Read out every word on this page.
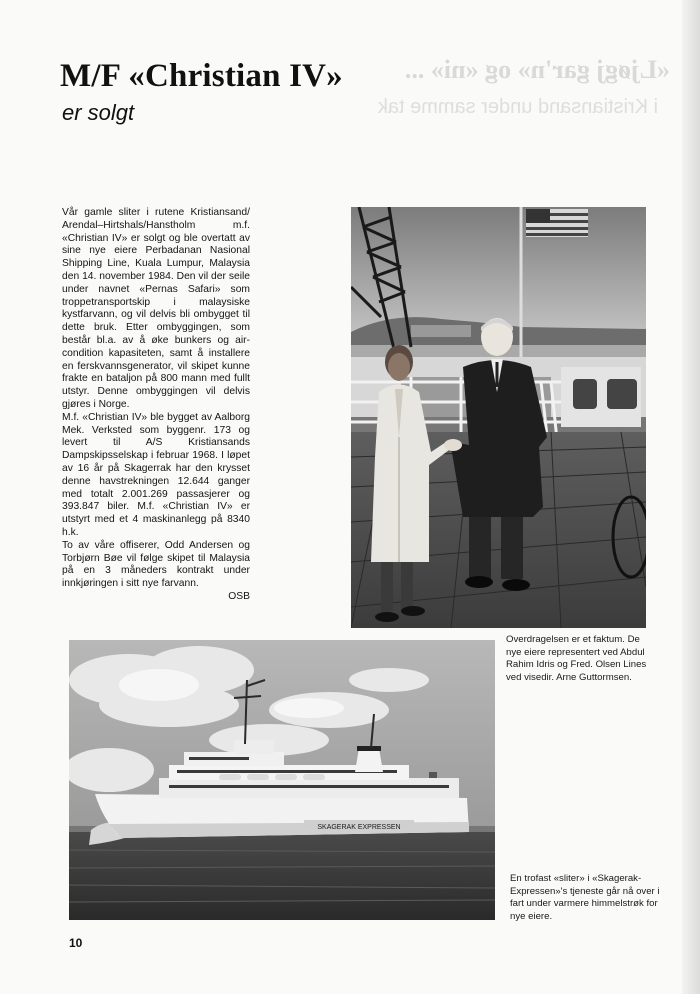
«Ljøgj gar'n» og «ni» ...
i Kristiansand under samme tak
M/F «Christian IV»
er solgt

Vår gamle sliter i rutene Kristiansand/ Arendal–Hirtshals/Hanstholm m.f. «Christian IV» er solgt og ble overtatt av sine nye eiere Perbadanan Nasional Shipping Line, Kuala Lumpur, Malaysia den 14. november 1984. Den vil der seile under navnet «Pernas Safari» som troppetransportskip i malaysiske kystfarvann, og vil delvis bli ombygget til dette bruk. Etter ombyggingen, som består bl.a. av å øke bunkers og air-condition kapasiteten, samt å installere en ferskvannsgenerator, vil skipet kunne frakte en bataljon på 800 mann med fullt utstyr. Denne ombyggingen vil delvis gjøres i Norge.

M.f. «Christian IV» ble bygget av Aalborg Mek. Verksted som byggenr. 173 og levert til A/S Kristiansands Dampskipsselskap i februar 1968. I løpet av 16 år på Skagerrak har den krysset denne havstrekningen 12.644 ganger med totalt 2.001.269 passasjerer og 393.847 biler. M.f. «Christian IV» er utstyrt med et 4 maskinanlegg på 8340 h.k.

To av våre offiserer, Odd Andersen og Torbjørn Bøe vil følge skipet til Malaysia på en 3 måneders kontrakt under innkjøringen i sitt nye farvann.

OSB

Overdragelsen er et faktum. De nye eiere representert ved Abdul Rahim Idris og Fred. Olsen Lines ved visedir. Arne Guttormsen.
SKAGERAK EXPRESSEN
En trofast «sliter» i «Skagerak-Expressen»'s tjeneste går nå over i fart under varmere himmelstrøk for nye eiere.
10
